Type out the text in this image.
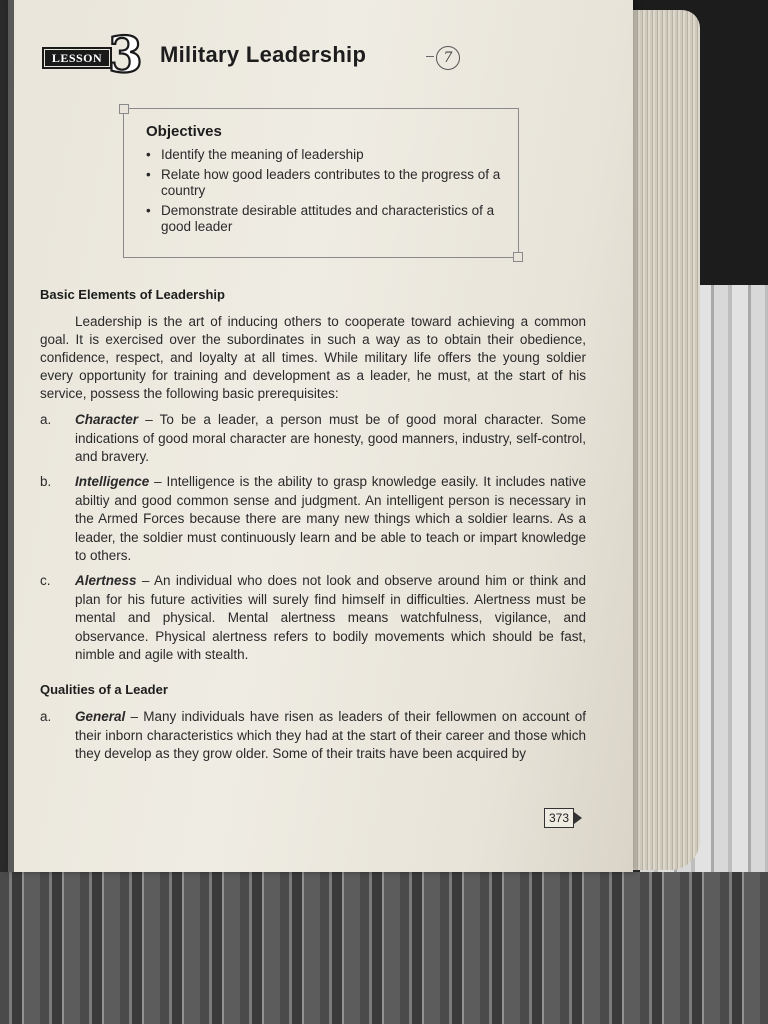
LESSON 3 Military Leadership	7
Objectives
• Identify the meaning of leadership
• Relate how good leaders contributes to the progress of a country
• Demonstrate desirable attitudes and characteristics of a good leader
Basic Elements of Leadership

Leadership is the art of inducing others to cooperate toward achieving a common goal. It is exercised over the subordinates in such a way as to obtain their obedience, confidence, respect, and loyalty at all times. While military life offers the young soldier every opportunity for training and development as a leader, he must, at the start of his service, possess the following basic prerequisites:

a.	Character – To be a leader, a person must be of good moral character. Some indications of good moral character are honesty, good manners, industry, self-control, and bravery.
b.	Intelligence – Intelligence is the ability to grasp knowledge easily. It includes native abiltiy and good common sense and judgment. An intelligent person is necessary in the Armed Forces because there are many new things which a soldier learns. As a leader, the soldier must continuously learn and be able to teach or impart knowledge to others.
c.	Alertness – An individual who does not look and observe around him or think and plan for his future activities will surely find himself in difficulties. Alertness must be mental and physical. Mental alertness means watchfulness, vigilance, and observance. Physical alertness refers to bodily movements which should be fast, nimble and agile with stealth.
Qualities of a Leader
a.	General – Many individuals have risen as leaders of their fellowmen on account of their inborn characteristics which they had at the start of their career and those which they develop as they grow older. Some of their traits have been acquired by
373
